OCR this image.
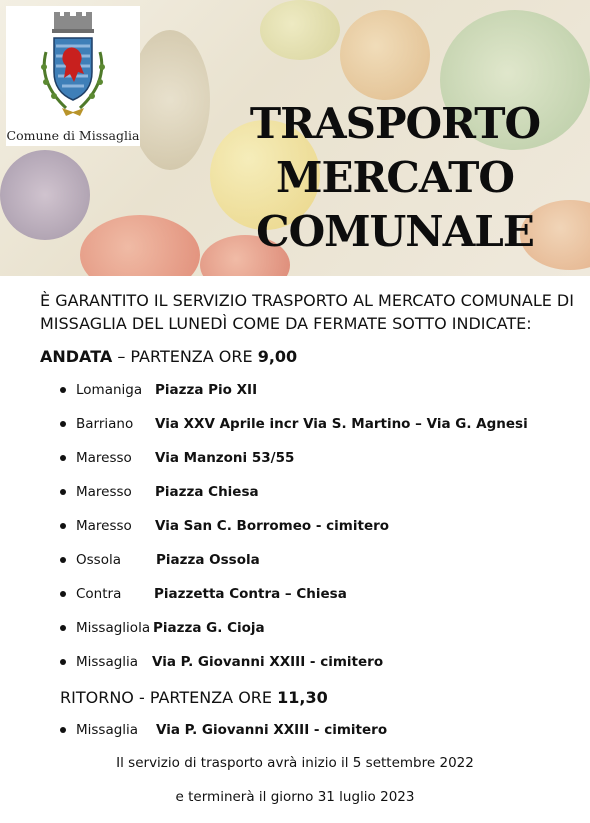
Comune di Missaglia	TRASPORTO
MERCATO
COMUNALE
È GARANTITO IL SERVIZIO TRASPORTO AL MERCATO COMUNALE DI
MISSAGLIA DEL LUNEDÌ COME DA FERMATE SOTTO INDICATE:
ANDATA – PARTENZA ORE 9,00
Lomaniga Piazza Pio XII
Barriano Via XXV Aprile incr Via S. Martino – Via G. Agnesi
Maresso Via Manzoni 53/55
Maresso Piazza Chiesa
Maresso Via San C. Borromeo - cimitero
Ossola	Piazza Ossola
Contra Piazzetta Contra – Chiesa
Missagliola Piazza G. Cioja
Missaglia Via P. Giovanni XXIII - cimitero
RITORNO - PARTENZA ORE 11,30
Missaglia Via P. Giovanni XXIII - cimitero
Il servizio di trasporto avrà inizio il 5 settembre 2022
e terminerà il giorno 31 luglio 2023
